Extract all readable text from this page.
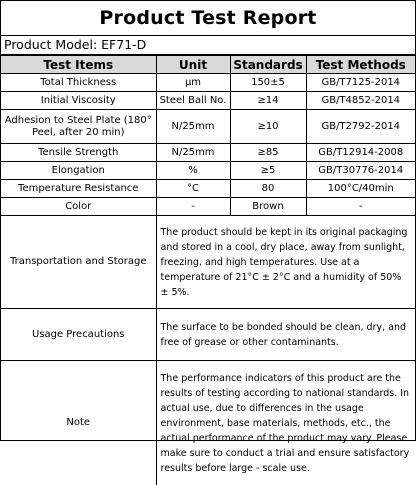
Product Test Report
Product Model: EF71-D
Test Items	Unit	Standards	Test Methods
Total Thickness	μm	150±5	GB/T7125-2014
Initial Viscosity	Steel Ball No.	≥14	GB/T4852-2014
Adhesion to Steel Plate (180° Peel, after 20 min)	N/25mm	≥10	GB/T2792-2014
Tensile Strength	N/25mm	≥85	GB/T12914-2008
Elongation	%	≥5	GB/T30776-2014
Temperature Resistance	°C	80	100°C/40min
Color	-	Brown	-
Transportation and Storage	The product should be kept in its original packaging and stored in a cool, dry place, away from sunlight, freezing, and high temperatures. Use at a temperature of 21°C ± 2°C and a humidity of 50% ± 5%.		
Usage Precautions	The surface to be bonded should be clean, dry, and free of grease or other contaminants.		
Note	The performance indicators of this product are the results of testing according to national standards. In actual use, due to differences in the usage environment, base materials, methods, etc., the actual performance of the product may vary. Please make sure to conduct a trial and ensure satisfactory results before large - scale use.		
